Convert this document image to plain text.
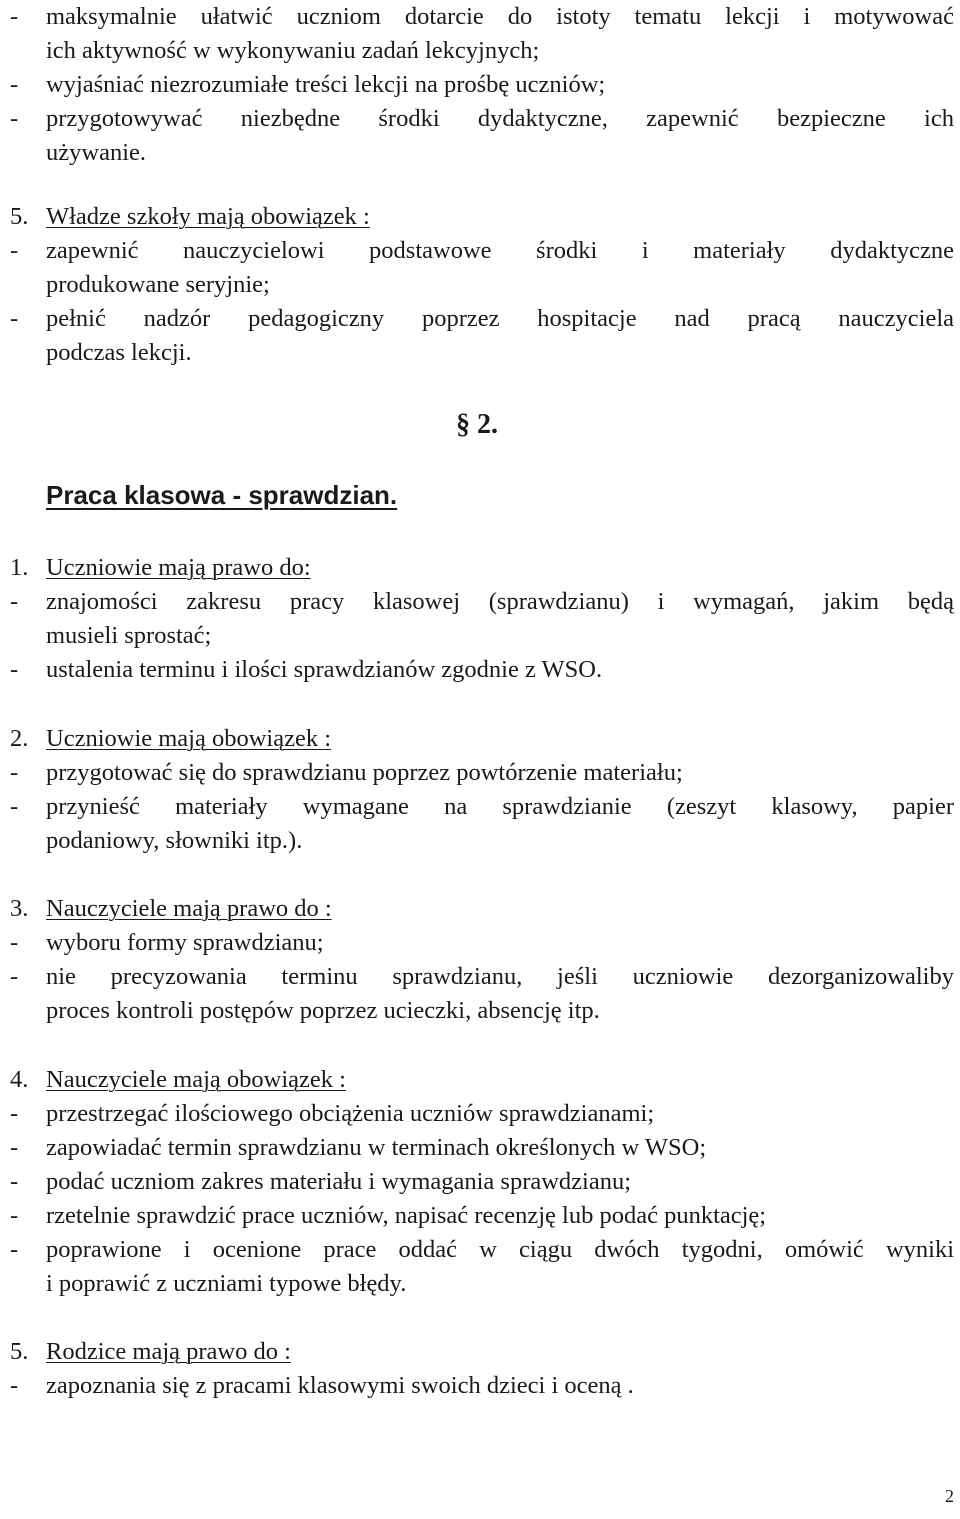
- maksymalnie ułatwić uczniom dotarcie do istoty tematu lekcji i motywować
ich aktywność w wykonywaniu zadań lekcyjnych;
- wyjaśniać niezrozumiałe treści lekcji na prośbę uczniów;
- przygotowywać niezbędne środki dydaktyczne, zapewnić bezpieczne ich
używanie.
5. Władze szkoły mają obowiązek :
- zapewnić nauczycielowi podstawowe środki i materiały dydaktyczne
produkowane seryjnie;
- pełnić nadzór pedagogiczny poprzez hospitacje nad pracą nauczyciela
podczas lekcji.
§ 2.
Praca klasowa - sprawdzian.
1. Uczniowie mają prawo do:
- znajomości zakresu pracy klasowej (sprawdzianu) i wymagań, jakim będą
musieli sprostać;
- ustalenia terminu i ilości sprawdzianów zgodnie z WSO.
2. Uczniowie mają obowiązek :
- przygotować się do sprawdzianu poprzez powtórzenie materiału;
- przynieść materiały wymagane na sprawdzianie (zeszyt klasowy, papier
podaniowy, słowniki itp.).
3. Nauczyciele mają prawo do :
- wyboru formy sprawdzianu;
- nie precyzowania terminu sprawdzianu, jeśli uczniowie dezorganizowaliby
proces kontroli postępów poprzez ucieczki, absencję itp.
4. Nauczyciele mają obowiązek :
- przestrzegać ilościowego obciążenia uczniów sprawdzianami;
- zapowiadać termin sprawdzianu w terminach określonych w WSO;
- podać uczniom zakres materiału i wymagania sprawdzianu;
- rzetelnie sprawdzić prace uczniów, napisać recenzję lub podać punktację;
- poprawione i ocenione prace oddać w ciągu dwóch tygodni, omówić wyniki
i poprawić z uczniami typowe błędy.
5. Rodzice mają prawo do :
- zapoznania się z pracami klasowymi swoich dzieci i oceną .
2
